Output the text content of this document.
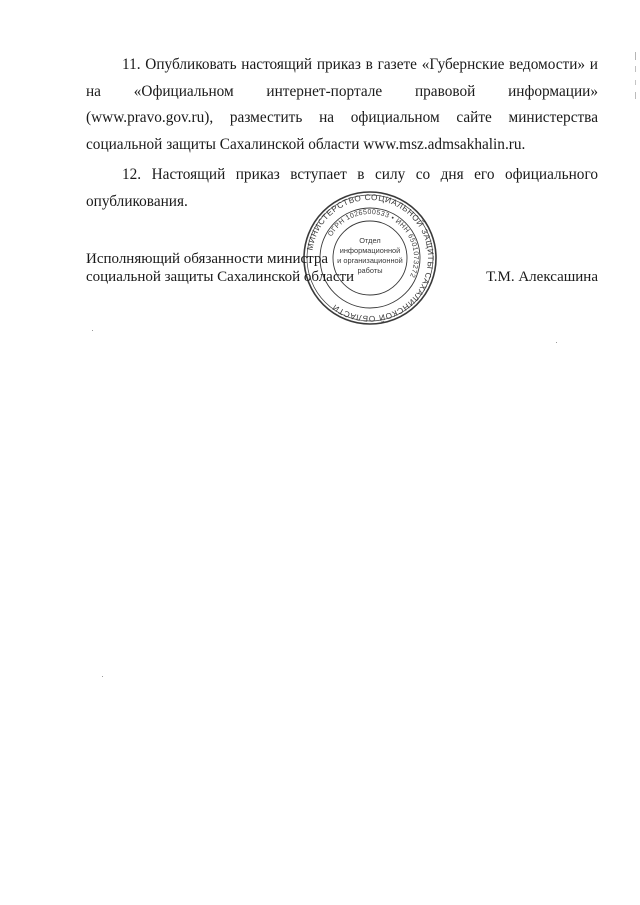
11. Опубликовать настоящий приказ в газете «Губернские ведомости» и на «Официальном интернет-портале правовой информации» (www.pravo.gov.ru), разместить на официальном сайте министерства социальной защиты Сахалинской области www.msz.admsakhalin.ru.

12. Настоящий приказ вступает в силу со дня его официального опубликования.

МИНИСТЕРСТВО СОЦИАЛЬНОЙ ЗАЩИТЫ САХАЛИНСКОЙ ОБЛАСТИ
ОГРН 1026500533 • ИНН 6501073272
Отдел
информационной
и организационной
работы
Исполняющий обязанности министра
социальной защиты Сахалинской области	Т.М. Алексашина
